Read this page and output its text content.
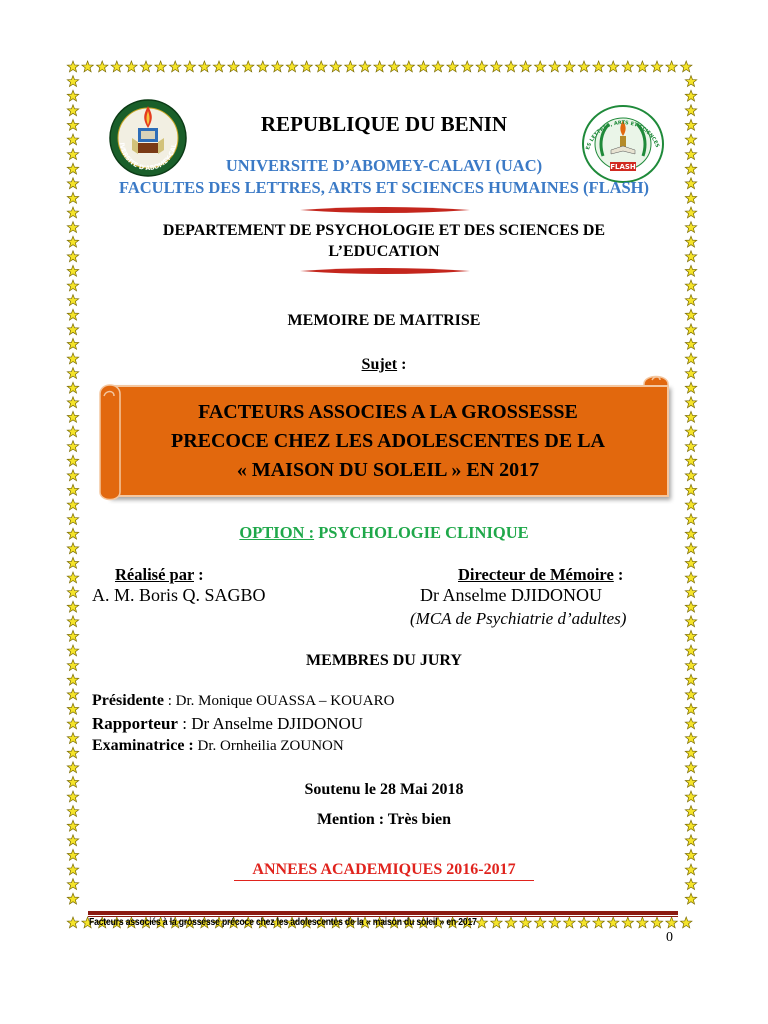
IVERSITE D'ABOMEY-CAL
FLASH
ES LETTRES, ARTS ET SCIENCES
REPUBLIQUE DU BENIN
UNIVERSITE D’ABOMEY-CALAVI (UAC)
FACULTES DES LETTRES, ARTS ET SCIENCES HUMAINES (FLASH)
DEPARTEMENT DE PSYCHOLOGIE ET DES SCIENCES DE
L’EDUCATION
MEMOIRE DE MAITRISE
Sujet :
FACTEURS ASSOCIES A LA GROSSESSE
PRECOCE CHEZ LES ADOLESCENTES DE LA
« MAISON DU SOLEIL » EN 2017
OPTION : PSYCHOLOGIE CLINIQUE
Réalisé par :
A. M. Boris Q. SAGBO
Directeur de Mémoire :
Dr Anselme DJIDONOU
(MCA de Psychiatrie d’adultes)
MEMBRES DU JURY
Présidente : Dr. Monique OUASSA – KOUARO
Rapporteur : Dr Anselme DJIDONOU
Examinatrice : Dr. Ornheilia ZOUNON
Soutenu le 28 Mai 2018
Mention : Très bien
ANNEES ACADEMIQUES 2016-2017
Facteurs associés à la grossesse précoce chez les adolescentes de la « maison du soleil » en 2017
0
